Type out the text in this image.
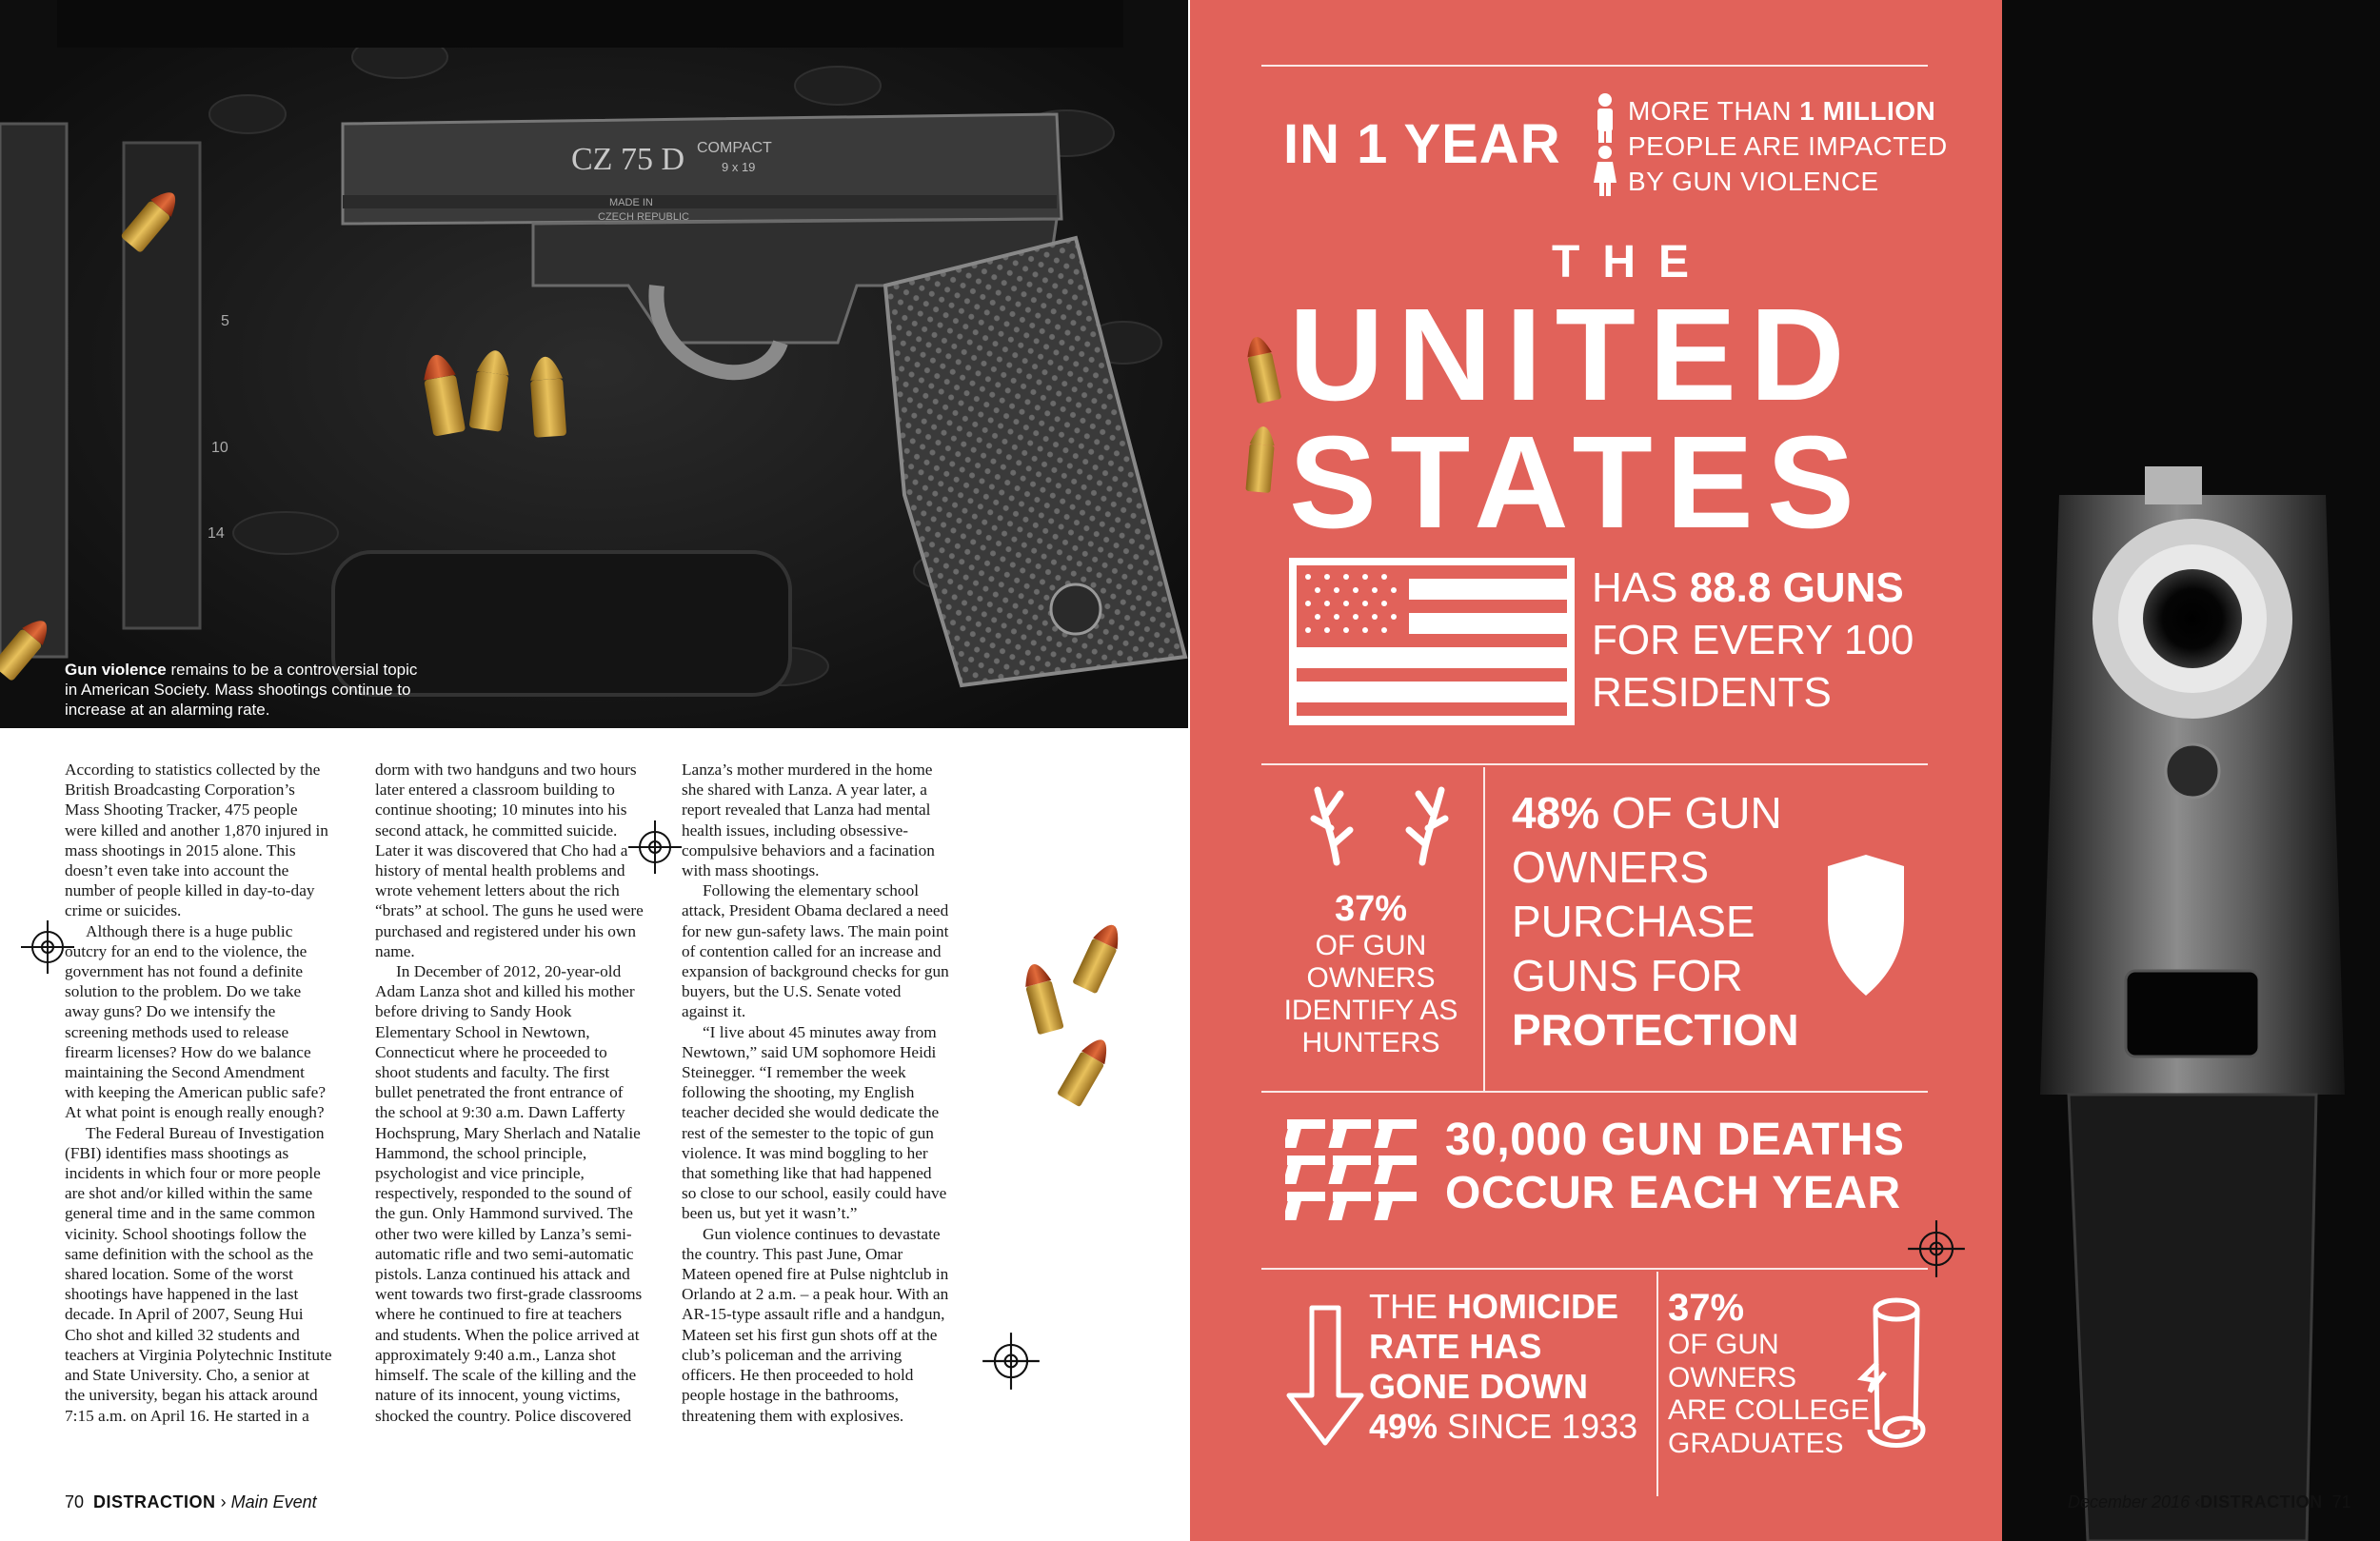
5
10
14
CZ 75 D COMPACT
9 x 19
MADE IN
CZECH REPUBLIC
Gun violence remains to be a controversial topic in American Society. Mass shootings continue to increase at an alarming rate.

According to statistics collected by the British Broadcasting Corporation’s Mass Shooting Tracker, 475 people were killed and another 1,870 injured in mass shootings in 2015 alone. This doesn’t even take into account the number of people killed in day-to-day crime or suicides.

Although there is a huge public outcry for an end to the violence, the government has not found a definite solution to the problem. Do we take away guns? Do we intensify the screening methods used to release firearm licenses? How do we balance maintaining the Second Amendment with keeping the American public safe? At what point is enough really enough?

The Federal Bureau of Investigation (FBI) identifies mass shootings as incidents in which four or more people are shot and/or killed within the same general time and in the same common vicinity. School shootings follow the same definition with the school as the shared location. Some of the worst shootings have happened in the last decade. In April of 2007, Seung Hui Cho shot and killed 32 students and teachers at Virginia Polytechnic Institute and State University. Cho, a senior at the university, began his attack around 7:15 a.m. on April 16. He started in a

dorm with two handguns and two hours later entered a classroom building to continue shooting; 10 minutes into his second attack, he committed suicide. Later it was discovered that Cho had a history of mental health problems and wrote vehement letters about the rich “brats” at school. The guns he used were purchased and registered under his own name.

In December of 2012, 20-year-old Adam Lanza shot and killed his mother before driving to Sandy Hook Elementary School in Newtown, Connecticut where he proceeded to shoot students and faculty. The first bullet penetrated the front entrance of the school at 9:30 a.m. Dawn Lafferty Hochsprung, Mary Sherlach and Natalie Hammond, the school principle, psychologist and vice principle, respectively, responded to the sound of the gun. Only Hammond survived. The other two were killed by Lanza’s semi-automatic rifle and two semi-automatic pistols. Lanza continued his attack and went towards two first-grade classrooms where he continued to fire at teachers and students. When the police arrived at approximately 9:40 a.m., Lanza shot himself. The scale of the killing and the nature of its innocent, young victims, shocked the country. Police discovered

Lanza’s mother murdered in the home she shared with Lanza. A year later, a report revealed that Lanza had mental health issues, including obsessive-compulsive behaviors and a facination with mass shootings.

Following the elementary school attack, President Obama declared a need for new gun-safety laws. The main point of contention called for an increase and expansion of background checks for gun buyers, but the U.S. Senate voted against it.

“I live about 45 minutes away from Newtown,” said UM sophomore Heidi Steinegger. “I remember the week following the shooting, my English teacher decided she would dedicate the rest of the semester to the topic of gun violence. It was mind boggling to her that something like that had happened so close to our school, easily could have been us, but yet it wasn’t.”

Gun violence continues to devastate the country. This past June, Omar Mateen opened fire at Pulse nightclub in Orlando at 2 a.m. – a peak hour. With an AR-15-type assault rifle and a handgun, Mateen set his first gun shots off at the club’s policeman and the arriving officers. He then proceeded to hold people hostage in the bathrooms, threatening them with explosives.

70 DISTRACTION › Main Event
IN 1 YEAR
MORE THAN 1 MILLION
PEOPLE ARE IMPACTED
BY GUN VIOLENCE
THE
UNITED
STATES
HAS 88.8 GUNS
FOR EVERY 100
RESIDENTS
37%
OF GUN
OWNERS
IDENTIFY AS
HUNTERS
48% OF GUN
OWNERS
PURCHASE
GUNS FOR
PROTECTION
30,000 GUN DEATHS
OCCUR EACH YEAR
THE HOMICIDE
RATE HAS
GONE DOWN
49% SINCE 1933
37%
OF GUN
OWNERS
ARE COLLEGE
GRADUATES
December 2016 ‹DISTRACTION 71
